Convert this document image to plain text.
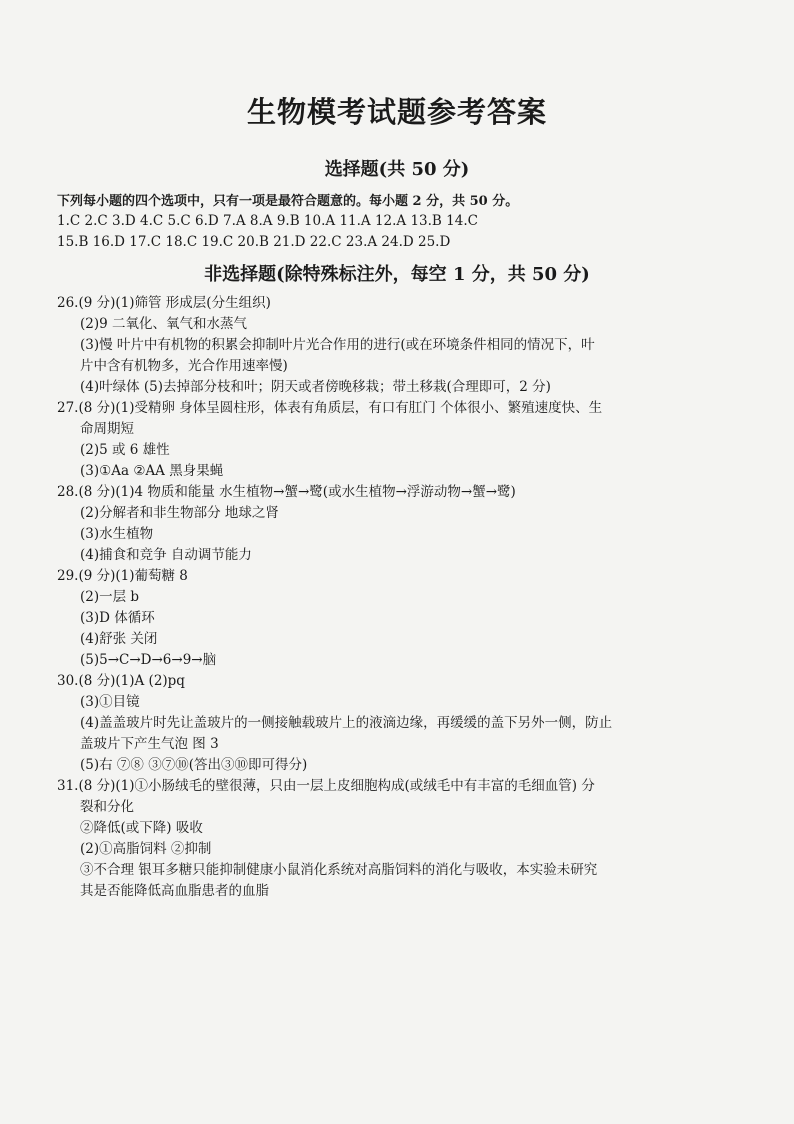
生物模考试题参考答案
选择题(共 50 分)
下列每小题的四个选项中，只有一项是最符合题意的。每小题 2 分，共 50 分。
1.C 2.C 3.D 4.C 5.C 6.D 7.A 8.A 9.B 10.A 11.A 12.A 13.B 14.C
15.B 16.D 17.C 18.C 19.C 20.B 21.D 22.C 23.A 24.D 25.D
非选择题(除特殊标注外，每空 1 分，共 50 分)
26.(9 分)(1)筛管 形成层(分生组织)
(2)9 二氧化、氧气和水蒸气
(3)慢 叶片中有机物的积累会抑制叶片光合作用的进行(或在环境条件相同的情况下，叶
片中含有机物多，光合作用速率慢)
(4)叶绿体 (5)去掉部分枝和叶；阴天或者傍晚移栽；带土移栽(合理即可，2 分)
27.(8 分)(1)受精卵 身体呈圆柱形，体表有角质层，有口有肛门 个体很小、繁殖速度快、生
命周期短
(2)5 或 6 雄性
(3)①Aa ②AA 黑身果蝇
28.(8 分)(1)4 物质和能量 水生植物→蟹→鹭(或水生植物→浮游动物→蟹→鹭)
(2)分解者和非生物部分 地球之肾
(3)水生植物
(4)捕食和竞争 自动调节能力
29.(9 分)(1)葡萄糖 8
(2)一层 b
(3)D 体循环
(4)舒张 关闭
(5)5→C→D→6→9→脑
30.(8 分)(1)A (2)pq
(3)①目镜
(4)盖盖玻片时先让盖玻片的一侧接触载玻片上的液滴边缘，再缓缓的盖下另外一侧，防止
盖玻片下产生气泡 图 3
(5)右 ⑦⑧ ③⑦⑩(答出③⑩即可得分)
31.(8 分)(1)①小肠绒毛的壁很薄，只由一层上皮细胞构成(或绒毛中有丰富的毛细血管) 分
裂和分化
②降低(或下降) 吸收
(2)①高脂饲料 ②抑制
③不合理 银耳多糖只能抑制健康小鼠消化系统对高脂饲料的消化与吸收，本实验未研究
其是否能降低高血脂患者的血脂
